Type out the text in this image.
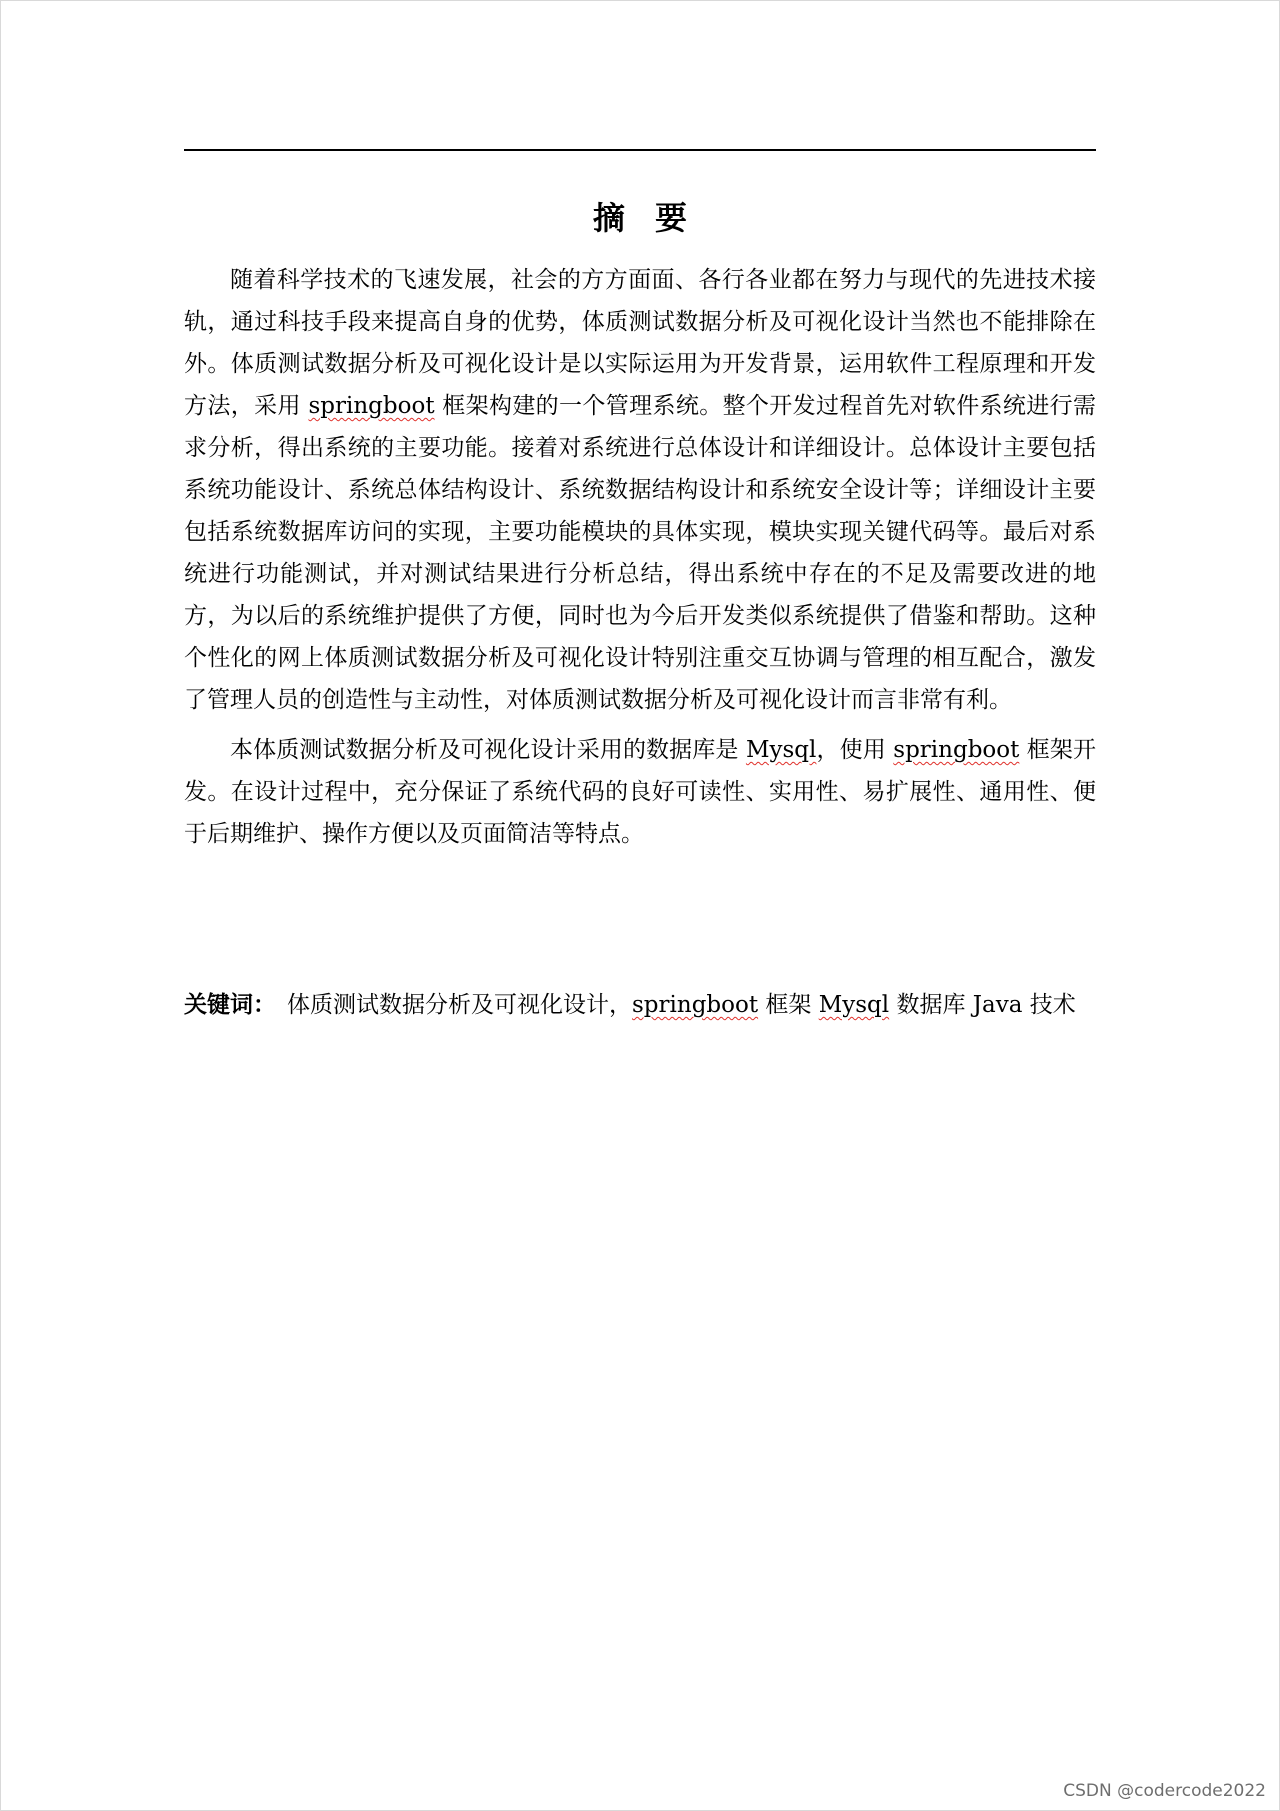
摘要

随着科学技术的飞速发展，社会的方方面面、各行各业都在努力与现代的先进技术接轨，通过科技手段来提高自身的优势，体质测试数据分析及可视化设计当然也不能排除在外。体质测试数据分析及可视化设计是以实际运用为开发背景，运用软件工程原理和开发方法，采用 springboot 框架构建的一个管理系统。整个开发过程首先对软件系统进行需求分析，得出系统的主要功能。接着对系统进行总体设计和详细设计。总体设计主要包括系统功能设计、系统总体结构设计、系统数据结构设计和系统安全设计等；详细设计主要包括系统数据库访问的实现，主要功能模块的具体实现，模块实现关键代码等。最后对系统进行功能测试，并对测试结果进行分析总结，得出系统中存在的不足及需要改进的地方，为以后的系统维护提供了方便，同时也为今后开发类似系统提供了借鉴和帮助。这种个性化的网上体质测试数据分析及可视化设计特别注重交互协调与管理的相互配合，激发了管理人员的创造性与主动性，对体质测试数据分析及可视化设计而言非常有利。

本体质测试数据分析及可视化设计采用的数据库是 Mysql，使用 springboot 框架开发。在设计过程中，充分保证了系统代码的良好可读性、实用性、易扩展性、通用性、便于后期维护、操作方便以及页面简洁等特点。

关键词： 体质测试数据分析及可视化设计，springboot 框架 Mysql 数据库 Java 技术
CSDN @codercode2022
